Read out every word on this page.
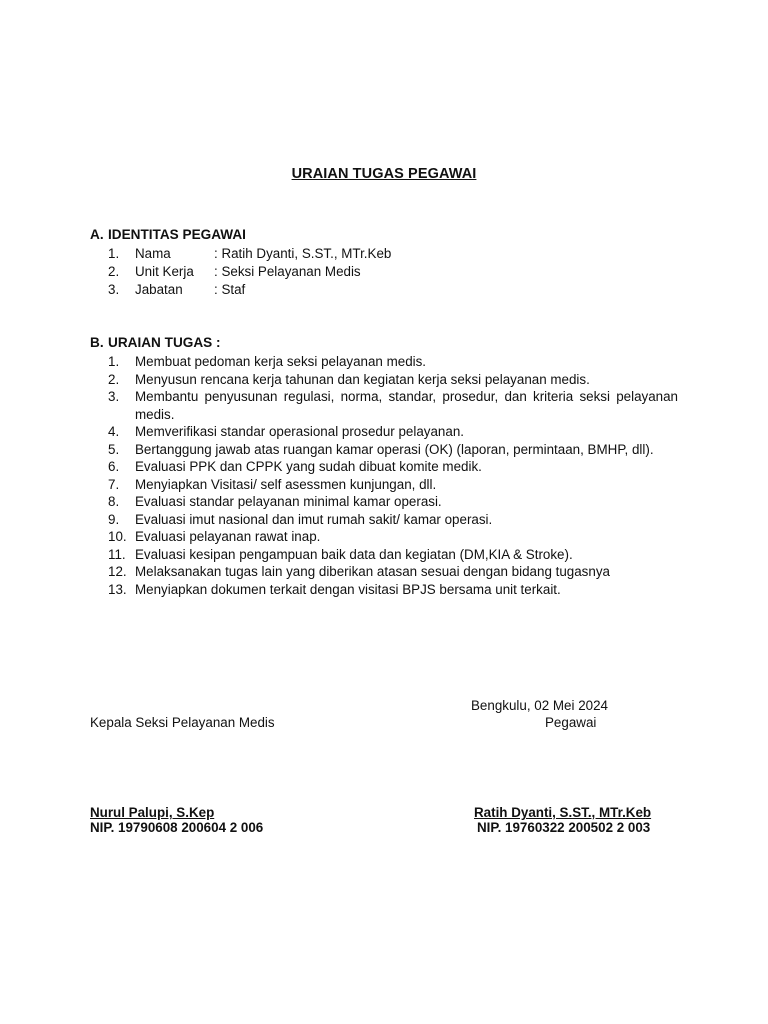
URAIAN TUGAS PEGAWAI
A. IDENTITAS PEGAWAI
1. Nama	: Ratih Dyanti, S.ST., MTr.Keb
2. Unit Kerja : Seksi Pelayanan Medis
3. Jabatan : Staf
B. URAIAN TUGAS :
1. Membuat pedoman kerja seksi pelayanan medis.
2. Menyusun rencana kerja tahunan dan kegiatan kerja seksi pelayanan medis.
3. Membantu penyusunan regulasi, norma, standar, prosedur, dan kriteria seksi pelayanan medis.
4. Memverifikasi standar operasional prosedur pelayanan.
5. Bertanggung jawab atas ruangan kamar operasi (OK) (laporan, permintaan, BMHP, dll).
6. Evaluasi PPK dan CPPK yang sudah dibuat komite medik.
7. Menyiapkan Visitasi/ self asessmen kunjungan, dll.
8. Evaluasi standar pelayanan minimal kamar operasi.
9. Evaluasi imut nasional dan imut rumah sakit/ kamar operasi.
10. Evaluasi pelayanan rawat inap.
11. Evaluasi kesipan pengampuan baik data dan kegiatan (DM,KIA & Stroke).
12. Melaksanakan tugas lain yang diberikan atasan sesuai dengan bidang tugasnya
13. Menyiapkan dokumen terkait dengan visitasi BPJS bersama unit terkait.
Bengkulu, 02 Mei 2024
Kepala Seksi Pelayanan Medis	Pegawai
Nurul Palupi, S.Kep
NIP. 19790608 200604 2 006
Ratih Dyanti, S.ST., MTr.Keb
NIP. 19760322 200502 2 003
